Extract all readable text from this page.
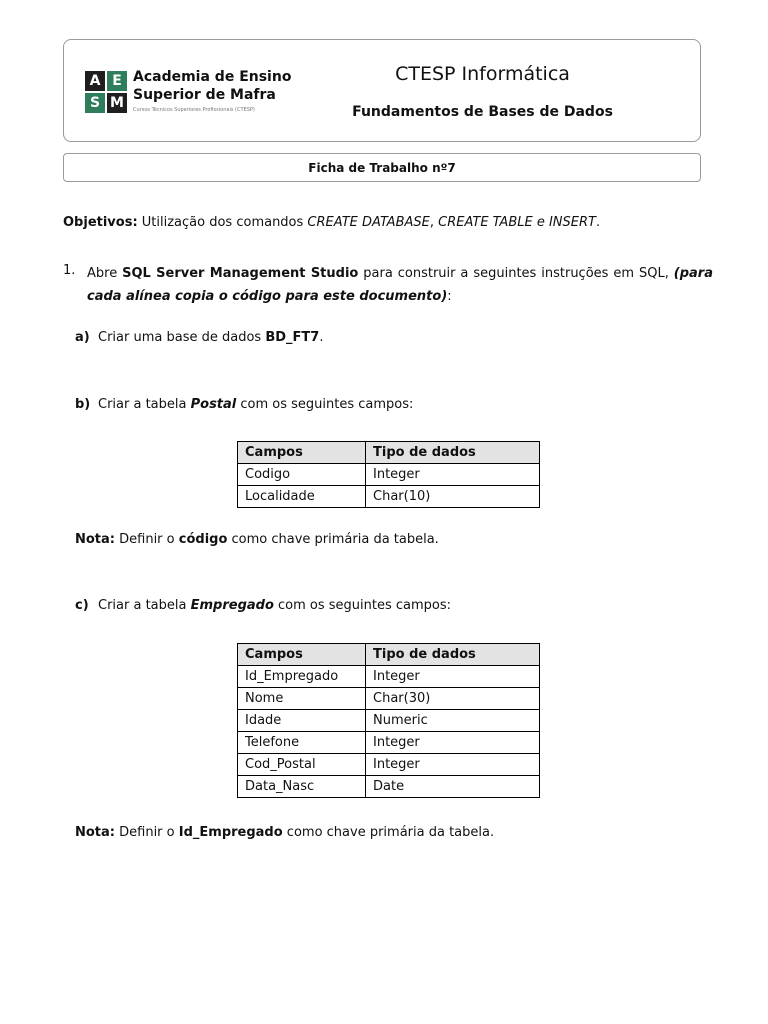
A E
S M
Academia de Ensino
Superior de Mafra
Cursos Técnicos Superiores Profissionais (CTESP)
CTESP Informática
Fundamentos de Bases de Dados
Ficha de Trabalho nº7
Objetivos: Utilização dos comandos CREATE DATABASE, CREATE TABLE e INSERT.
1. Abre SQL Server Management Studio para construir a seguintes instruções em SQL, (para cada alínea copia o código para este documento):
a) Criar uma base de dados BD_FT7.
b) Criar a tabela Postal com os seguintes campos:
Campos	Tipo de dados
Codigo	Integer
Localidade	Char(10)
Nota: Definir o código como chave primária da tabela.
c) Criar a tabela Empregado com os seguintes campos:
Campos	Tipo de dados
Id_Empregado	Integer
Nome	Char(30)
Idade	Numeric
Telefone	Integer
Cod_Postal	Integer
Data_Nasc	Date
Nota: Definir o Id_Empregado como chave primária da tabela.
